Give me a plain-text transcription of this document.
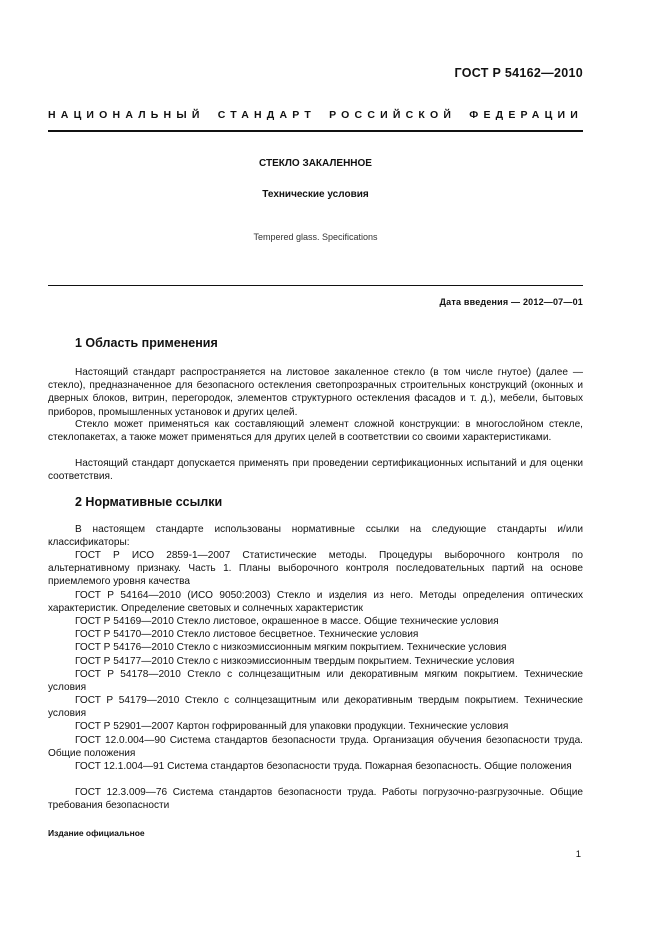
ГОСТ Р 54162—2010
НАЦИОНАЛЬНЫЙ СТАНДАРТ РОССИЙСКОЙ ФЕДЕРАЦИИ
СТЕКЛО ЗАКАЛЕННОЕ
Технические условия
Tempered glass. Specifications
Дата введения — 2012—07—01
1 Область применения

Настоящий стандарт распространяется на листовое закаленное стекло (в том числе гнутое) (далее — стекло), предназначенное для безопасного остекления светопрозрачных строительных конструкций (оконных и дверных блоков, витрин, перегородок, элементов структурного остекления фасадов и т. д.), мебели, бытовых приборов, промышленных установок и других целей.

Стекло может применяться как составляющий элемент сложной конструкции: в многослойном стекле, стеклопакетах, а также может применяться для других целей в соответствии со своими характеристиками.

Настоящий стандарт допускается применять при проведении сертификационных испытаний и для оценки соответствия.

2 Нормативные ссылки

В настоящем стандарте использованы нормативные ссылки на следующие стандарты и/или классификаторы:

ГОСТ Р ИСО 2859-1—2007 Статистические методы. Процедуры выборочного контроля по альтернативному признаку. Часть 1. Планы выборочного контроля последовательных партий на основе приемлемого уровня качества

ГОСТ Р 54164—2010 (ИСО 9050:2003) Стекло и изделия из него. Методы определения оптических характеристик. Определение световых и солнечных характеристик

ГОСТ Р 54169—2010 Стекло листовое, окрашенное в массе. Общие технические условия

ГОСТ Р 54170—2010 Стекло листовое бесцветное. Технические условия

ГОСТ Р 54176—2010 Стекло с низкоэмиссионным мягким покрытием. Технические условия

ГОСТ Р 54177—2010 Стекло с низкоэмиссионным твердым покрытием. Технические условия

ГОСТ Р 54178—2010 Стекло с солнцезащитным или декоративным мягким покрытием. Технические условия

ГОСТ Р 54179—2010 Стекло с солнцезащитным или декоративным твердым покрытием. Технические условия

ГОСТ Р 52901—2007 Картон гофрированный для упаковки продукции. Технические условия

ГОСТ 12.0.004—90 Система стандартов безопасности труда. Организация обучения безопасности труда. Общие положения

ГОСТ 12.1.004—91 Система стандартов безопасности труда. Пожарная безопасность. Общие положения

ГОСТ 12.3.009—76 Система стандартов безопасности труда. Работы погрузочно-разгрузочные. Общие требования безопасности

Издание официальное
1
